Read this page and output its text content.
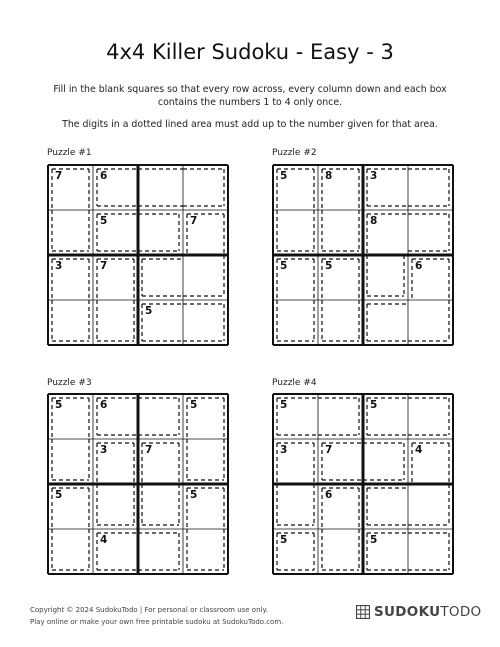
4x4 Killer Sudoku - Easy - 3
Fill in the blank squares so that every row across, every column down and each box contains the numbers 1 to 4 only once.
The digits in a dotted lined area must add up to the number given for that area.
Puzzle #1
7	6
5	7
3	7
5
Puzzle #2
5	8	3
8
5	6
5
Puzzle #3
5	6	5
3	7
5	5
4
Puzzle #4
5	5
3	7	4
6
5	5
Copyright © 2024 SudokuTodo | For personal or classroom use only.
Play online or make your own free printable sudoku at SudokuTodo.com.
SUDOKUTODO
